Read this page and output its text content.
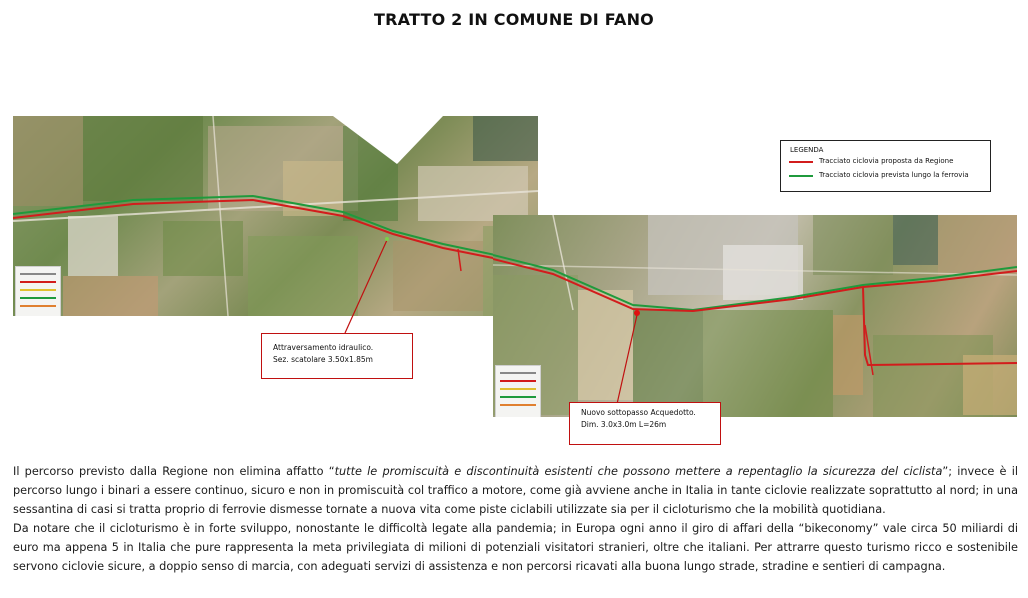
TRATTO 2 IN COMUNE DI FANO
LEGENDA
Tracciato ciclovia proposta da Regione
Tracciato ciclovia prevista lungo la ferrovia
Attraversamento idraulico.
Sez. scatolare 3.50x1.85m
Nuovo sottopasso Acquedotto.
Dim. 3.0x3.0m L=26m

Il percorso previsto dalla Regione non elimina affatto “tutte le promiscuità e discontinuità esistenti che possono mettere a repentaglio la sicurezza del ciclista”; invece è il percorso lungo i binari a essere continuo, sicuro e non in promiscuità col traffico a motore, come già avviene anche in Italia in tante ciclovie realizzate soprattutto al nord; in una sessantina di casi si tratta proprio di ferrovie dismesse tornate a nuova vita come piste ciclabili utilizzate sia per il cicloturismo che la mobilità quotidiana.

Da notare che il cicloturismo è in forte sviluppo, nonostante le difficoltà legate alla pandemia; in Europa ogni anno il giro di affari della “bikeconomy” vale circa 50 miliardi di euro ma appena 5 in Italia che pure rappresenta la meta privilegiata di milioni di potenziali visitatori stranieri, oltre che italiani. Per attrarre questo turismo ricco e sostenibile servono ciclovie sicure, a doppio senso di marcia, con adeguati servizi di assistenza e non percorsi ricavati alla buona lungo strade, stradine e sentieri di campagna.
